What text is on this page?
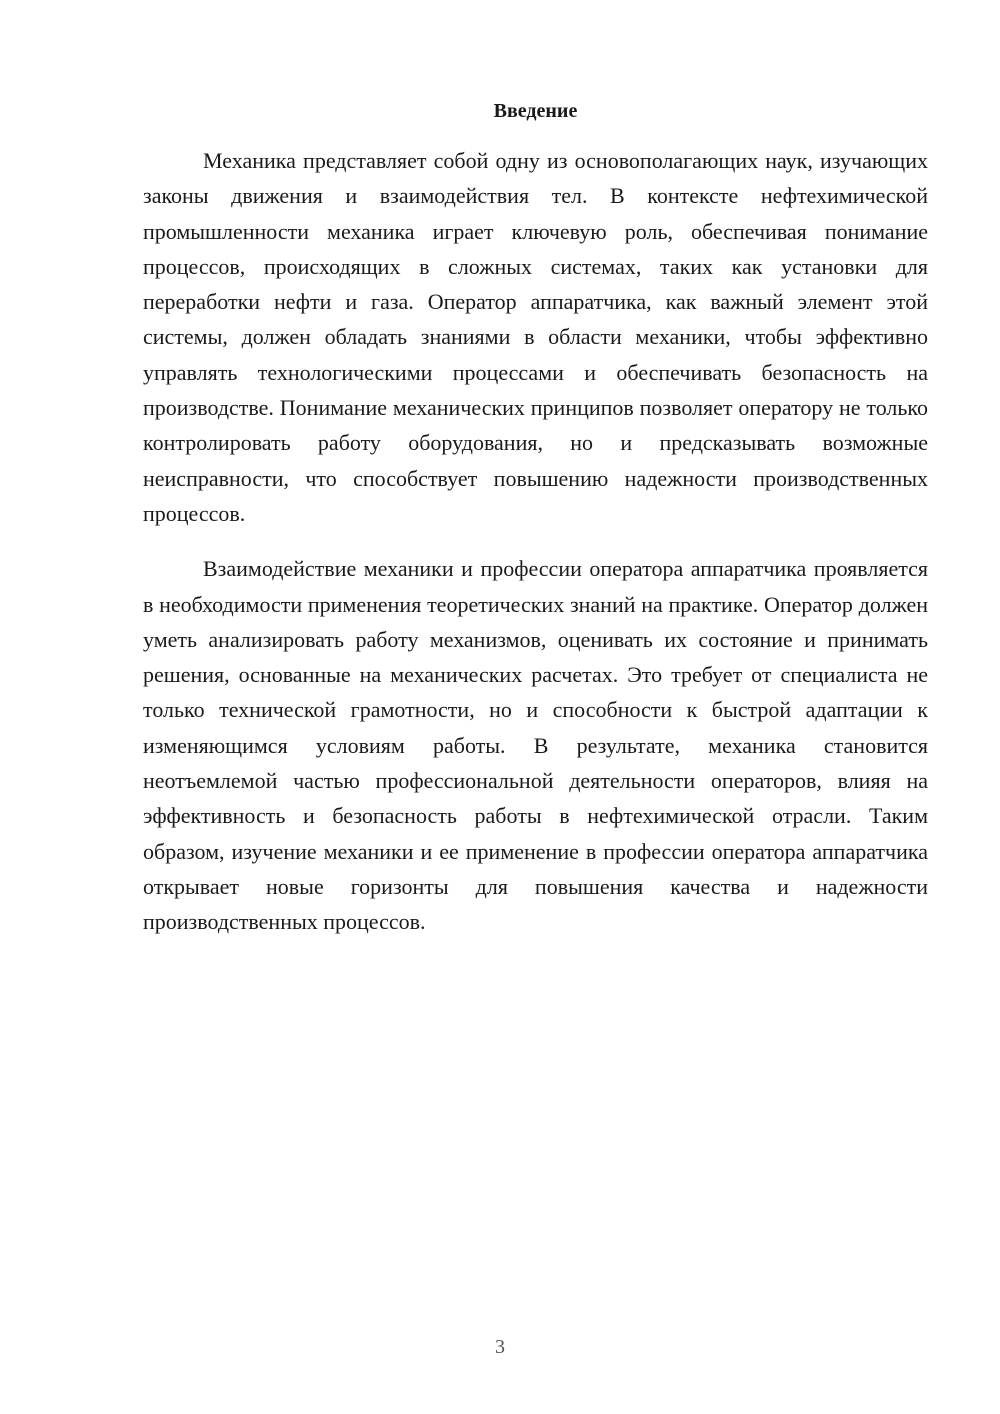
Введение

Механика представляет собой одну из основополагающих наук, изучающих законы движения и взаимодействия тел. В контексте нефтехимической промышленности механика играет ключевую роль, обеспечивая понимание процессов, происходящих в сложных системах, таких как установки для переработки нефти и газа. Оператор аппаратчика, как важный элемент этой системы, должен обладать знаниями в области механики, чтобы эффективно управлять технологическими процессами и обеспечивать безопасность на производстве. Понимание механических принципов позволяет оператору не только контролировать работу оборудования, но и предсказывать возможные неисправности, что способствует повышению надежности производственных процессов.

Взаимодействие механики и профессии оператора аппаратчика проявляется в необходимости применения теоретических знаний на практике. Оператор должен уметь анализировать работу механизмов, оценивать их состояние и принимать решения, основанные на механических расчетах. Это требует от специалиста не только технической грамотности, но и способности к быстрой адаптации к изменяющимся условиям работы. В результате, механика становится неотъемлемой частью профессиональной деятельности операторов, влияя на эффективность и безопасность работы в нефтехимической отрасли. Таким образом, изучение механики и ее применение в профессии оператора аппаратчика открывает новые горизонты для повышения качества и надежности производственных процессов.

3
